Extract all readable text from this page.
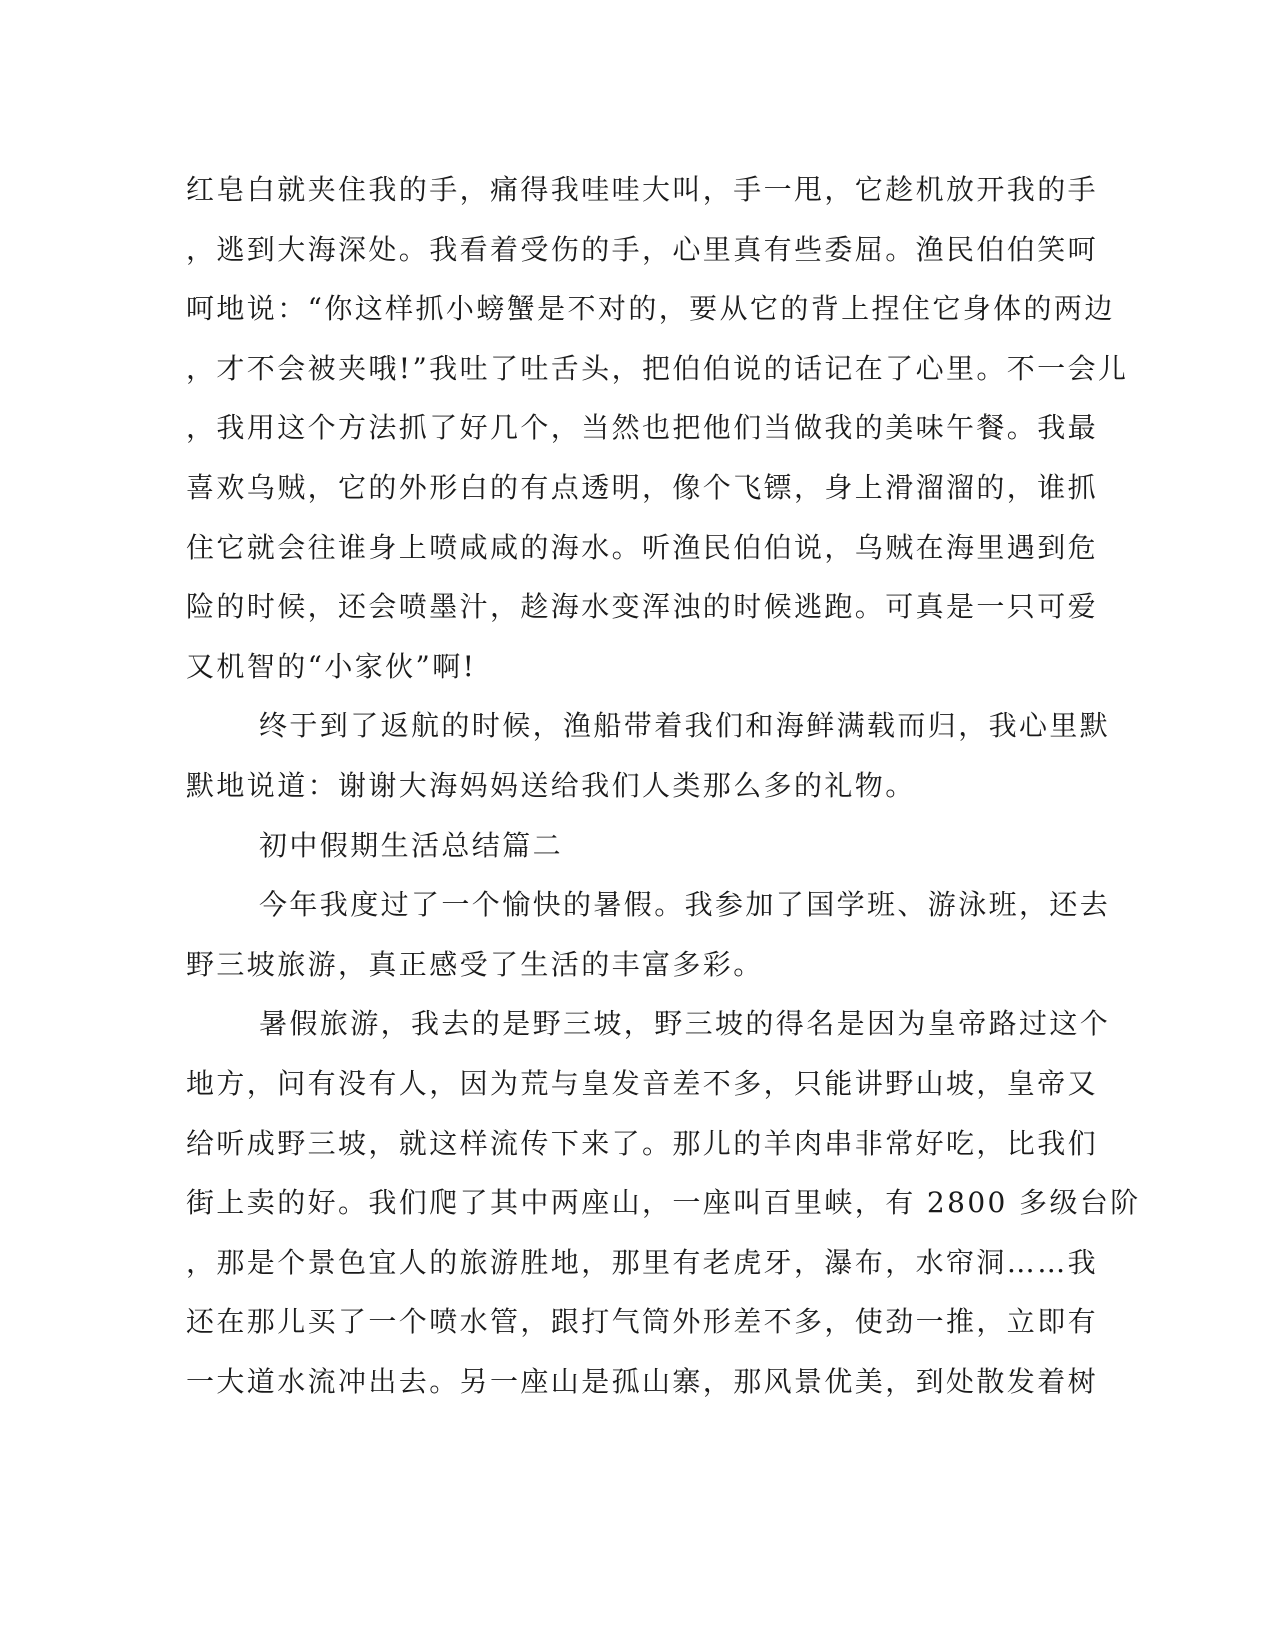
红皂白就夹住我的手，痛得我哇哇大叫，手一甩，它趁机放开我的手
，逃到大海深处。我看着受伤的手，心里真有些委屈。渔民伯伯笑呵
呵地说：“你这样抓小螃蟹是不对的，要从它的背上捏住它身体的两边
，才不会被夹哦!”我吐了吐舌头，把伯伯说的话记在了心里。不一会儿
，我用这个方法抓了好几个，当然也把他们当做我的美味午餐。我最
喜欢乌贼，它的外形白的有点透明，像个飞镖，身上滑溜溜的，谁抓
住它就会往谁身上喷咸咸的海水。听渔民伯伯说，乌贼在海里遇到危
险的时候，还会喷墨汁，趁海水变浑浊的时候逃跑。可真是一只可爱
又机智的“小家伙”啊!
终于到了返航的时候，渔船带着我们和海鲜满载而归，我心里默
默地说道：谢谢大海妈妈送给我们人类那么多的礼物。
初中假期生活总结篇二
今年我度过了一个愉快的暑假。我参加了国学班、游泳班，还去
野三坡旅游，真正感受了生活的丰富多彩。
暑假旅游，我去的是野三坡，野三坡的得名是因为皇帝路过这个
地方，问有没有人，因为荒与皇发音差不多，只能讲野山坡，皇帝又
给听成野三坡，就这样流传下来了。那儿的羊肉串非常好吃，比我们
街上卖的好。我们爬了其中两座山，一座叫百里峡，有 2800 多级台阶
，那是个景色宜人的旅游胜地，那里有老虎牙，瀑布，水帘洞……我
还在那儿买了一个喷水管，跟打气筒外形差不多，使劲一推，立即有
一大道水流冲出去。另一座山是孤山寨，那风景优美，到处散发着树
